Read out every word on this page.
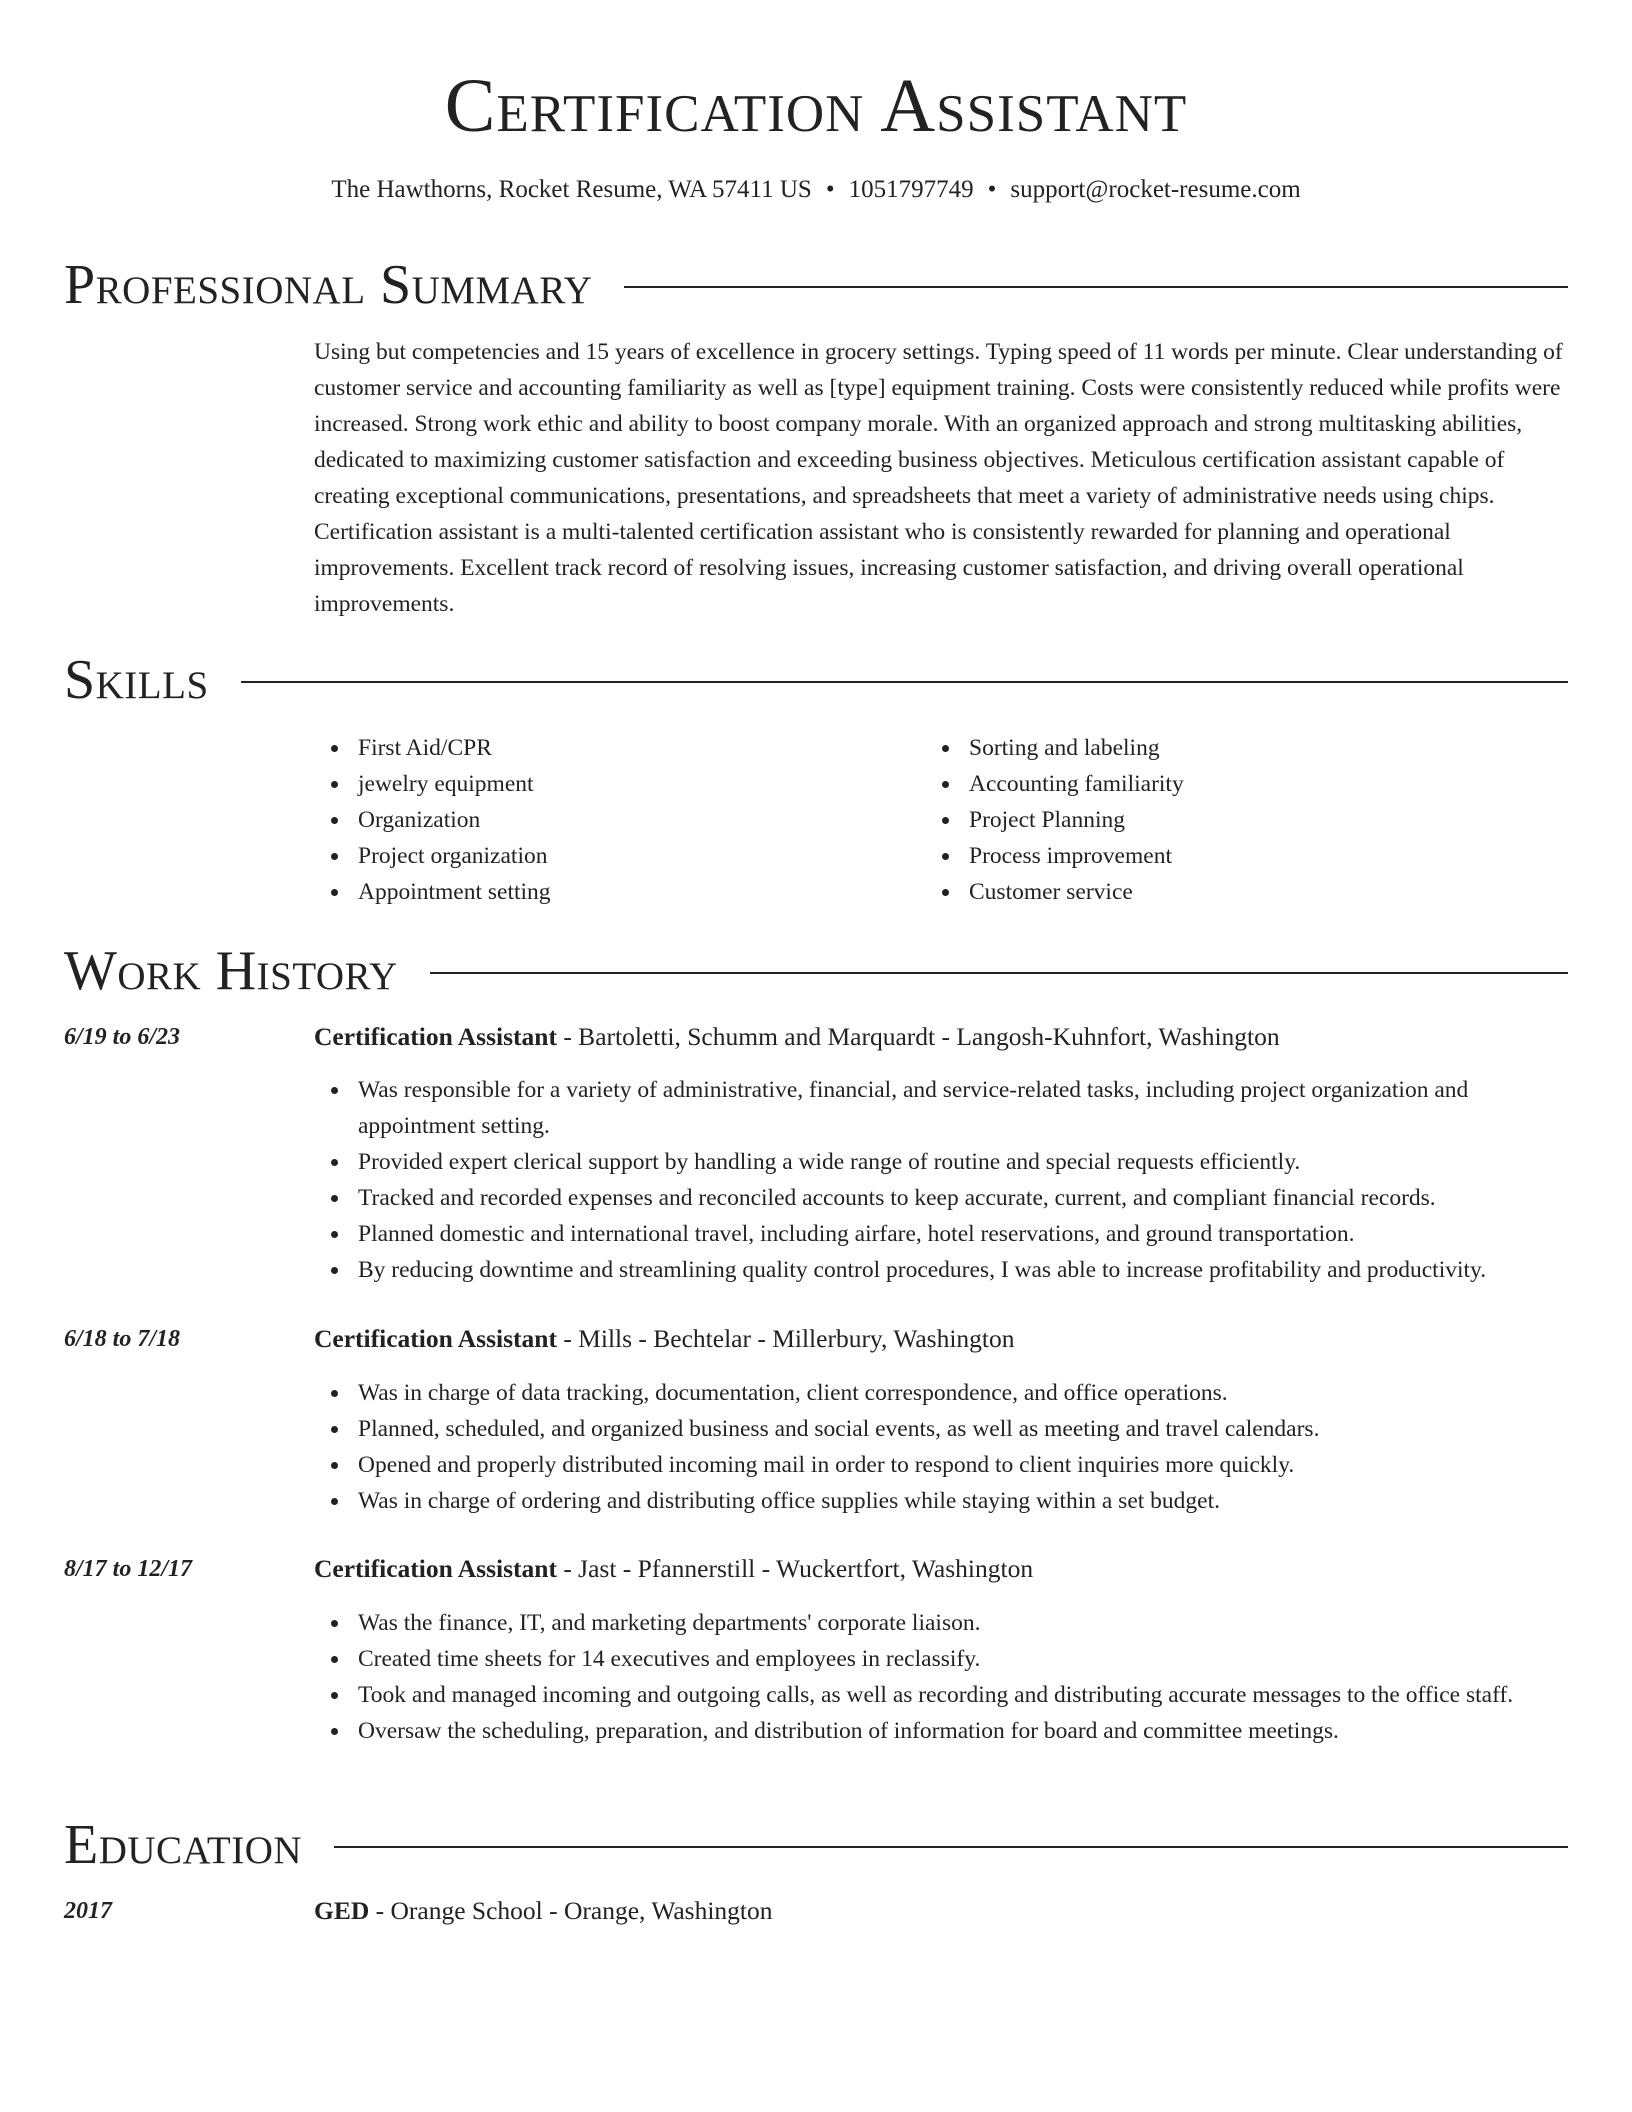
Certification Assistant
The Hawthorns, Rocket Resume, WA 57411 US • 1051797749 • support@rocket-resume.com
Professional Summary
Using but competencies and 15 years of excellence in grocery settings. Typing speed of 11 words per minute. Clear understanding of customer service and accounting familiarity as well as [type] equipment training. Costs were consistently reduced while profits were increased. Strong work ethic and ability to boost company morale. With an organized approach and strong multitasking abilities, dedicated to maximizing customer satisfaction and exceeding business objectives. Meticulous certification assistant capable of creating exceptional communications, presentations, and spreadsheets that meet a variety of administrative needs using chips. Certification assistant is a multi-talented certification assistant who is consistently rewarded for planning and operational improvements. Excellent track record of resolving issues, increasing customer satisfaction, and driving overall operational improvements.
Skills
First Aid/CPR
jewelry equipment
Organization
Project organization
Appointment setting
Sorting and labeling
Accounting familiarity
Project Planning
Process improvement
Customer service
Work History
6/19 to 6/23	Certification Assistant - Bartoletti, Schumm and Marquardt - Langosh-Kuhnfort, Washington
Was responsible for a variety of administrative, financial, and service-related tasks, including project organization and appointment setting.
Provided expert clerical support by handling a wide range of routine and special requests efficiently.
Tracked and recorded expenses and reconciled accounts to keep accurate, current, and compliant financial records.
Planned domestic and international travel, including airfare, hotel reservations, and ground transportation.
By reducing downtime and streamlining quality control procedures, I was able to increase profitability and productivity.
6/18 to 7/18	Certification Assistant - Mills - Bechtelar - Millerbury, Washington
Was in charge of data tracking, documentation, client correspondence, and office operations.
Planned, scheduled, and organized business and social events, as well as meeting and travel calendars.
Opened and properly distributed incoming mail in order to respond to client inquiries more quickly.
Was in charge of ordering and distributing office supplies while staying within a set budget.
8/17 to 12/17	Certification Assistant - Jast - Pfannerstill - Wuckertfort, Washington
Was the finance, IT, and marketing departments' corporate liaison.
Created time sheets for 14 executives and employees in reclassify.
Took and managed incoming and outgoing calls, as well as recording and distributing accurate messages to the office staff.
Oversaw the scheduling, preparation, and distribution of information for board and committee meetings.
Education
2017	GED - Orange School - Orange, Washington
